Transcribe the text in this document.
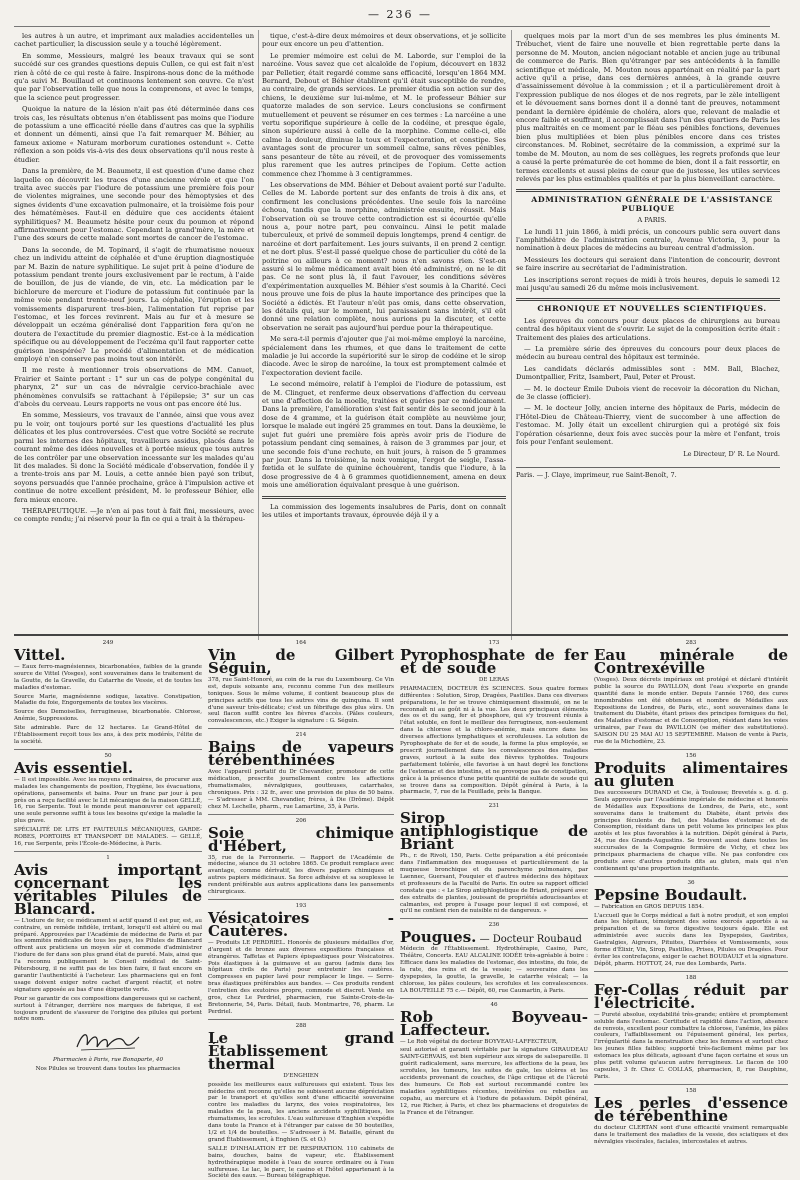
— 236 —

les autres à un autre, et imprimant aux maladies accidentelles un cachet particulier, la discussion seule y a touché légèrement.

En somme, Messieurs, malgré les beaux travaux qui se sont succédé sur ces grandes questions depuis Cullen, ce qui est fait n'est rien à côté de ce qui reste à faire. Inspirons-nous donc de la méthode qu'a suivi M. Bouillaud et continuons lentement son œuvre. Ce n'est que par l'observation telle que nous la comprenons, et avec le temps, que la science peut progresser.

Quoique la nature de la lésion n'ait pas été déterminée dans ces trois cas, les résultats obtenus n'en établissent pas moins que l'iodure de potassium a une efficacité réelle dans d'autres cas que la syphilis et donnent un démenti, ainsi que l'a fait remarquer M. Béhier, au fameux axiome « Naturam morborum curationes ostendunt ». Cette réflexion a son poids vis-à-vis des deux observations qu'il nous reste à étudier.

Dans la première, de M. Beaumetz, il est question d'une dame chez laquelle on découvrit les traces d'une ancienne vérole et que l'on traita avec succès par l'iodure de potassium une première fois pour de violentes migraines, une seconde pour des hémoptysies et des signes évidents d'une excavation pulmonaire, et la troisième fois pour des hématémèses. Faut-il en déduire que ces accidents étaient syphilitiques? M. Beaumetz hésite pour ceux du poumon et répond affirmativement pour l'estomac. Cependant la grand'mère, la mère et l'une des sœurs de cette malade sont mortes de cancer de l'estomac.

Dans la seconde, de M. Topinard, il s'agit de rhumatisme noueux chez un individu atteint de céphalée et d'une éruption diagnostiquée par M. Bazin de nature syphilitique. Le sujet prit à peine d'iodure de potassium pendant trente jours exclusivement par le rectum, à l'aide de bouillon, de jus de viande, de vin, etc. La médication par le bichlorure de mercure et l'iodure de potassium fut continuée par la même voie pendant trente-neuf jours. La céphalée, l'éruption et les vomissements disparurent tres-bien, l'alimentation fut reprise par l'estomac, et les forces revinrent. Mais au fur et à mesure se développait un eczéma généralisé dont l'apparition fera qu'on ne doutera de l'exactitude du premier diagnostic. Est-ce à la médication spécifique ou au développement de l'eczéma qu'il faut rapporter cette guérison inespérée? Le procédé d'alimentation et de médication employé n'en conserve pas moins tout son intérêt.

Il me reste à mentionner trois observations de MM. Canuet, Frairier et Sainte portant : 1° sur un cas de polype congénital du pharynx, 2° sur un cas de névralgie cervico-brachiale avec phénomènes convulsifs se rattachant à l'épilepsie; 3° sur un cas d'abcès du cerveau. Leurs rapports ne vous ont pas encore été lus.

En somme, Messieurs, vos travaux de l'année, ainsi que vous avez pu le voir, ont toujours porté sur les questions d'actualité les plus délicates et les plus controversées. C'est que votre Société se recrute parmi les internes des hôpitaux, travailleurs assidus, placés dans le courant même des idées nouvelles et à portée mieux que tous autres de les contrôler par une observation incessante sur les malades qu'au lit des malades. Si donc la Société médicale d'observation, fondée il y a trente-trois ans par M. Louis, a cette année bien payé son tribut, soyons persuadés que l'année prochaine, grâce à l'impulsion active et continue de notre excellent président, M. le professeur Béhier, elle fera mieux encore.

THÉRAPEUTIQUE. —Je n'en ai pas tout à fait fini, messieurs, avec ce compte rendu; j'ai réservé pour la fin ce qui a trait à la thérapeu-

tique, c'est-à-dire deux mémoires et deux observations, et je sollicite pour eux encore un peu d'attention.

Le premier mémoire est celui de M. Laborde, sur l'emploi de la narcéine. Vous savez que cet alcaloïde de l'opium, découvert en 1832 par Pelletier, était regardé comme sans efficacité, lorsqu'en 1864 MM. Bernard, Debout et Béhier établirent qu'il était susceptible de rendre, au contraire, de grands services. Le premier étudia son action sur des chiens, le deuxième sur lui-même, et M. le professeur Béhier sur quatorze malades de son service. Leurs conclusions se confirment mutuellement et peuvent se résumer en ces termes : La narcéine a une vertu soporifique supérieure à celle de la codéine, et presque égale, sinon supérieure aussi à celle de la morphine. Comme celle-ci, elle calme la douleur, diminue la toux et l'expectoration, et constipe. Ses avantages sont de procurer un sommeil calme, sans rêves pénibles, sans pesanteur de tête au réveil, et de provoquer des vomissements plus rarement que les autres principes de l'opium. Cette action commence chez l'homme à 3 centigrammes.

Les observations de MM. Béhier et Debout avaient porté sur l'adulte. Celles de M. Laborde portent sur des enfants de trois à dix ans, et confirment les conclusions précédentes. Une seule fois la narcéine échoua, tandis que la morphine, administrée ensuite, réussit. Mais l'observation où se trouve cette contradiction est si écourtée qu'elle nous a, pour notre part, peu convaincu. Ainsi le petit malade tuberculeux, et privé de sommeil depuis longtemps, prend 4 centigr. de narcéine et dort parfaitement. Les jours suivants, il en prend 2 centigr. et ne dort plus. S'est-il passé quelque chose de particulier du côté de la poitrine ou ailleurs à ce moment? nous n'en savons rien. S'est-on assuré si le même médicament avait bien été administré, on ne le dit pas. Ce ne sont plus là, il faut l'avouer, les conditions sévères d'expérimentation auxquelles M. Béhier s'est soumis à la Charité. Ceci nous prouve une fois de plus la haute importance des principes que la Société a édictés. Et l'auteur n'eût pas omis, dans cette observation, les détails qui, sur le moment, lui paraissaient sans intérêt, s'il eût donné une relation complète, nous aurions pu la discuter, et cette observation ne serait pas aujourd'hui perdue pour la thérapeutique.

Me sera-t-il permis d'ajouter que j'ai moi-même employé la narcéine, spécialement dans les rhumes, et que dans le traitement de cette maladie je lui accorde la supériorité sur le sirop de codéine et le sirop diacode. Avec le sirop de narcéine, la toux est promptement calmée et l'expectoration devient facile.

Le second mémoire, relatif à l'emploi de l'iodure de potassium, est de M. Clinguet, et renferme deux observations d'affection du cerveau et une d'affection de la moelle, traitées et guéries par ce médicament. Dans la première, l'amélioration s'est fait sentir dès le second jour à la dose de 4 gramme, et la guérison était complète au neuvième jour, lorsque le malade eut ingéré 25 grammes en tout. Dans la deuxième, le sujet fut guéri une première fois après avoir pris de l'iodure de potassium pendant cinq semaines, à raison de 3 grammes par jour, et une seconde fois d'une rechute, en huit jours, à raison de 5 grammes par jour. Dans la troisième, la noix vomique, l'ergot de seigle, l'assa-fœtida et le sulfate de quinine échouèrent, tandis que l'iodure, à la dose progressive de 4 à 6 grammes quotidiennement, amena en deux mois une amélioration équivalant presque à une guérison.

La commission des logements insalubres de Paris, dont on connaît les utiles et importants travaux, éprouvée déjà il y a

quelques mois par la mort d'un de ses membres les plus éminents M. Trébuchet, vient de faire une nouvelle et bien regrettable perte dans la personne de M. Mouton, ancien négociant notable et ancien juge au tribunal de commerce de Paris. Bien qu'étranger par ses antécédents à la famille scientifique et médicale, M. Mouton nous apparténait en réalité par la part active qu'il a prise, dans ces dernières années, à la grande œuvre d'assainissement dévolue à la commission ; et il a particulièrement droit à l'expression publique de nos éloges et de nos regrets, par le zèle intelligent et le dévouement sans bornes dont il a donné tant de preuves, notamment pendant la dernière épidémie de choléra, alors que, relevant de maladie et encore faible et souffrant, il accomplissait dans l'un des quartiers de Paris les plus maltraités en ce moment par le fléau ses pénibles fonctions, devenues bien plus multipliées et bien plus pénibles encore dans ces tristes circonstances. M. Robinet, secrétaire de la commission, a exprimé sur la tombe de M. Mouton, au nom de ses collègues, les regrets profonds que leur a causé la perte prématurée de cet homme de bien, dont il a fait ressortir, en termes excellents et aussi pleins de cœur que de justesse, les utiles services relevés par les plus estimables qualités et par la plus bienveillant caractère.

ADMINISTRATION GÉNÉRALE DE L'ASSISTANCE PUBLIQUE

A PARIS.

Le lundi 11 juin 1866, à midi précis, un concours public sera ouvert dans l'amphithéâtre de l'administration centrale, Avenue Victoria, 3, pour la nomination à deux places de médecins au bureau central d'admission.

Messieurs les docteurs qui seraient dans l'intention de concourir, devront se faire inscrire au secrétariat de l'administration.

Les inscriptions seront reçues de midi à trois heures, depuis le samedi 12 mai jusqu'au samedi 26 du même mois inclusivement.

CHRONIQUE ET NOUVELLES SCIENTIFIQUES.

Les épreuves du concours pour deux places de chirurgiens au bureau central des hôpitaux vient de s'ouvrir. Le sujet de la composition écrite était : Traitement des plaies des articulations.

— La première série des épreuves du concours pour deux places de médecin au bureau central des hôpitaux est terminée.

Les candidats déclarés admissibles sont : MM. Ball, Blachez, Dumontpallier, Fritz, Isambert, Paul, Peter et Proust.

— M. le docteur Émile Dubois vient de recevoir la décoration du Nichan, de 3e classe (officier).

— M. le docteur Jolly, ancien interne des hôpitaux de Paris, médecin de l'Hôtel-Dieu de Château-Thierry, vient de succomber à une affection de l'estomac. M. Jolly était un excellent chirurgien qui a protégé six fois l'opération césarienne, deux fois avec succès pour la mère et l'enfant, trois fois pour l'enfant seulement.

Le Directeur, D' R. Le Nourd.
Paris. — J. Claye, imprimeur, rue Saint-Benoît, 7.
249
Vittel.

— Eaux ferro-magnésiennes, bicarbonatées, faibles de la grande source de Vittel (Vosges), sont souveraines dans le traitement de la Goutte, de la Gravelle, du Catarrhe de Vessie, et de toutes les maladies d'estomac.

Source Marie, magnésienne sodique, laxative. Constipation, Maladie du foie, Engorgements de toutes les viscères.

Source des Demoiselles, ferrugineuse, bicarbonatée. Chlorose, Anémie, Suppressions.

Site admirable. Parc de 12 hectares. Le Grand-Hôtel de l'Établissement reçoit tous les ans, à des prix modérés, l'élite de la société.

50
Avis essentiel.

— Il est impossible. Avec les moyens ordinaires, de procurer aux malades les changements de position, l'hygiène, les évacuations, opérations, pansements et bains. Pour un franc par jour à peu près on a reçu facilité avec le Lit mécanique de la maison GELLÉ, 16, rue Serpente. Tout le monde peut manœuvrer cet appareil; une seule personne suffit à tous les besoins qu'exige la maladie la plus grave.

SPÉCIALITÉ DE LITS ET FAUTEUILS MÉCANIQUES, GARDE-ROBES, PORTOIRS ET TRANSPORT DE MALADES. — GELLÉ, 16, rue Serpente, près l'École-de-Médecine, à Paris.

1
Avis important concernant les véritables Pilules de Blancard.

— L'iodure de fer, ce médicament si actif quand il est pur, est, au contraire, un remède infidèle, irritant, lorsqu'il est altéré ou mal préparé. Approuvées par l'Académie de médecine de Paris et par les sommités médicales de tous les pays, les Pilules de Blancard offrent aux praticiens un moyen sûr et commode d'administrer l'iodure de fer dans son plus grand état de pureté. Mais, ainsi que l'a reconnu publiquement le Conseil médical de Saint-Pétersbourg, il ne suffit pas de les bien faire, il faut encore en garantir l'authenticité à l'acheteur. Les pharmaciens qui en font usage doivent exiger notre cachet d'argent réactif, et notre signature apposée au bas d'une étiquette verte.

Pour se garantir de ces compositions dangereuses qui se cachent, surtout à l'étranger, derrière nos marques de fabrique, il est toujours prudent de s'assurer de l'origine des pilules qui portent notre nom.

Pharmacien à Paris, rue Bonaparte, 40

Nos Pilules se trouvent dans toutes les pharmacies

164
Vin de Gilbert Séguin,

378, rue Saint-Honoré, au coin de la rue du Luxembourg. Ce Vin est, depuis soixante ans, reconnu comme l'un des meilleurs toniques. Sous le même volume, il contient beaucoup plus de principes actifs que tous les autres vins de quinquina. Il sont d'une saveur très-délicate; c'est un fébrifuge des plus sûrs. Un seul flacon suffit contre les fièvres d'accès. (Pâles couleurs, convalescences, etc.) Exiger la signature : G. Séguin.

214
Bains de vapeurs térébenthinées

Avec l'appareil portatif du Dr Chevandier, promoteur de cette médication, prescrite journellement contre les affections rhumatismales, névralgiques, goutteuses, catarrhales, chroniques. Prix : 32 fr., avec une provision de plus de 50 bains. — S'adresser à MM. Chevandier, frères, à Die (Drôme). Dépôt chez M. Lechelle, pharm., rue Lamartine, 35, à Paris.

206
Soie chimique d'Hébert,

35, rue de la Ferronnerie. — Rapport de l'Académie de médecine, séance du 31 octobre 1865. Ce produit remplace avec avantage, comme dérivatif, les divers papiers chimiques et autres papiers médicinaux. Sa force adhésive et sa souplesse le rendent préférable aux autres applications dans les pansements chirurgicaux.

193
Vésicatoires - Cautères.

— Produits LE PERDRIEL. Honorés de plusieurs médailles d'or, d'argent et de bronze aux diverses expositions françaises et étrangères. Taffetas et Papiers épispastiques pour Vésicatoires. Pois élastiques à la guimauve et au garou (admis dans les hôpitaux civils de Paris) pour entretenir les cautères. Compresses en papier lavé pour remplacer le linge. — Serre-bras élastiques préférables aux bandes. — Ces produits rendent l'entretien des exutoires propre, commode et discret. Vente en gros, chez Le Perdriel, pharmacien, rue Sainte-Croix-de-la-Bretonnerie, 54, Paris. Détail, faub. Montmartre, 76, pharm. Le Perdriel.

288
Le grand Établissement thermal
D'ENGHIEN

possède les meilleures eaux sulfureuses qui existent. Tous les médecins ont reconnu qu'elles ne subissent aucune dépréciation par le transport et qu'elles sont d'une efficacité souveraine contre les maladies du larynx, des voies respiratoires, les maladies de la peau, les anciens accidents syphilitiques, les rhumatismes, les scrofules. L'eau sulfureuse d'Enghien s'expédie dans toute la France et à l'étranger par caisse de 50 bouteilles, 1/2 et 1/4 de bouteilles. — S'adresser à M. Bataille, gérant du grand Établissement, à Enghien (S. et O.)

SALLE D'INHALATION ET DE RESPIRATION. 110 cabinets de bains, douches, bains de vapeur, etc. Établissement hydrothérapique modèle à l'eau de source ordinaire ou à l'eau sulfureuse. Le lac, le parc, le casino et l'hôtel appartenant à la Société des eaux. — Bureau télégraphique.

173
Pyrophosphate de fer et de soude
DE LERAS

PHARMACIEN, DOCTEUR ÈS SCIENCES. Sous quatre formes différentes : Solution, Sirop, Dragées, Pastilles. Dans ces diverses préparations, le fer se trouve chimiquement dissimulé, on ne le reconnaît ni au goût ni à la vue. Les deux principaux éléments des os et du sang, fer et phosphore, qui s'y trouvent réunis à l'état soluble, en font le meilleur des ferrugineux, non-seulement dans la chlorose et la chloro-anémie, mais encore dans les diverses affections lymphatiques et scrofuleuses. La solution de Pyrophosphate de fer et de soude, la forme la plus employée, se prescrit journellement dans les convalescences des maladies graves, surtout à la suite des fièvres typhoïdes. Toujours parfaitement tolérée, elle favorise à un haut degré les fonctions de l'estomac et des intestins, et ne provoque pas de constipation, grâce à la présence d'une petite quantité de sulfate de soude qui se trouve dans sa composition. Dépôt général à Paris, à la pharmacie, 7, rue de la Feuillade, près la Banque.

231
Sirop antiphlogistique de Briant

Ph., r. de Rivoli, 150, Paris. Cette préparation a été préconisée dans l'inflammation des muqueuses et particulièrement de la muqueuse bronchique et du parenchyme pulmonaire, par Laennec, Guersant, Fouquier et d'autres médecins des hôpitaux et professeurs de la Faculté de Paris. En outre sa rapport officiel constate que : « Le Sirop antiphlogistique de Briant, préparé avec des extraits de plantes, jouissant de propriétés adoucissantes et calmantes, est propre à l'usage pour lequel il est composé, et qu'il ne contient rien de nuisible ni de dangereux. »

236
Pougues. — Docteur Roubaud

Médecin de l'Établissement. Hydrothérapie, Casino, Parc, Théâtre, Concerts. EAU ALCALINE IODÉE très-agréable à boire : Efficace dans les maladies de l'estomac, des intestins, du foie, de la rate, des reins et de la vessie; — souveraine dans les dyspepsies, la goutte, la gravelle, le catarrhe vésical; — la chlorose, les pâles couleurs, les scrofules et les convalescences. LA BOUTEILLE 75 c.— Dépôt, 60, rue Caumartin, à Paris.

46
Rob Boyveau-Laffecteur.

— Le Rob végétal du docteur BOYVEAU-LAFFECTEUR,

seul autorisé et garanti véritable par la signature GIRAUDEAU SAINT-GERVAIS, est bien supérieur aux sirops de salsepareille. Il guérit radicalement, sans mercure, les affections de la peau, les scrofules, les tumeurs, les suites de gale, les ulcères et les accidents provenant de couches, de l'âge critique et de l'âcreté des humeurs. Ce Rob est surtout recommandé contre les maladies syphilitiques récentes, invétérées ou rebelles au copahu, au mercure et à l'iodure de potassium. Dépôt général, 12, rue Richer, à Paris, et chez les pharmaciens et droguistes de la France et de l'étranger.

283
Eau minérale de Contrexéville

(Vosges). Deux décrets impériaux ont protégé et déclaré d'intérêt public la source du PAVILLON, dont l'eau s'exporte en grande quantité dans le monde entier. Depuis l'année 1760, des cures innombrables ont été obtenues et nombre de Médailles aux Expositions de Londres, de Paris, etc., sont souveraines dans le traitement du Diabète, étant prises des principes forniques du fiel, des Maladies d'estomac et de Consomption, résidant dans les voies urinaires, par l'eau du PAVILLON (se méfier des substitutions). SAISON DU 25 MAI AU 15 SEPTEMBRE. Maison de vente à Paris, rue de la Michodière, 23.

156
Produits alimentaires au gluten

Des successeurs DURAND et Cie, à Toulouse; Brevetés s. g. d. g. Seuls approuvés par l'Académie impériale de médecine et honorés de Médailles aux Expositions de Londres, de Paris, etc., sont souverains dans le traitement du Diabète, étant privés des principes féculents du fiel, des Maladies d'estomac et de Consomption, résidant dans un petit volume les principes les plus azotés et les plus favorables à la nutrition. Dépôt général à Paris, 24, rue des Grands-Augustins. Se trouvent aussi dans toutes les succursales de la Compagnie fermière de Vichy, et chez les principaux pharmaciens de chaque ville. Ne pas confondre ces produits avec d'autres produits dits au gluten, mais qui n'en contiennent qu'une proportion insignifiante.

36
Pepsine Boudault.

— Fabrication en GROS DEPUIS 1854.

L'accueil que le Corps médical a fait à notre produit, et son emploi dans les hôpitaux, témoignent des soins exercés apportés à sa préparation et de sa force digestive toujours égale. Elle est administrée avec succès dans les Dyspepsies, Gastrites, Gastralgies, Aigreurs, Pituites, Diarrhées et Vomissements, sous forme d'Élixir, Vin, Sirop, Pastilles, Prises, Pilules ou Dragées. Pour éviter les contrefaçons, exiger le cachet BOUDAULT et la signature. Dépôt, pharm. HOTTOT, 24, rue des Lombards, Paris.

188
Fer-Collas réduit par l'électricité.

— Pureté absolue, oxydabilité très-grande; entière et promptement soluble dans l'estomac. Certitude et rapidité dans l'action, absence de renvois, excellent pour combattre la chlorose, l'anémie, les pâles couleurs, l'affaiblissement ou l'épuisement général, les pertes, l'irrégularité dans la menstruation chez les femmes et surtout chez les jeunes filles faibles; supporté très-facilement même par les estomacs les plus délicats, agissant d'une façon certaine et sous un plus petit volume qu'aucun autre ferrugineux. Le flacon de 100 capsules, 3 fr. Chez C. COLLAS, pharmacien, 8, rue Dauphine, Paris.

158
Les perles d'essence de térébenthine

du docteur CLERTAN sont d'une efficacité vraiment remarquable dans le traitement des maladies de la vessie, des sciatiques et des névralgies viscérales, faciales, intercostales et autres.
